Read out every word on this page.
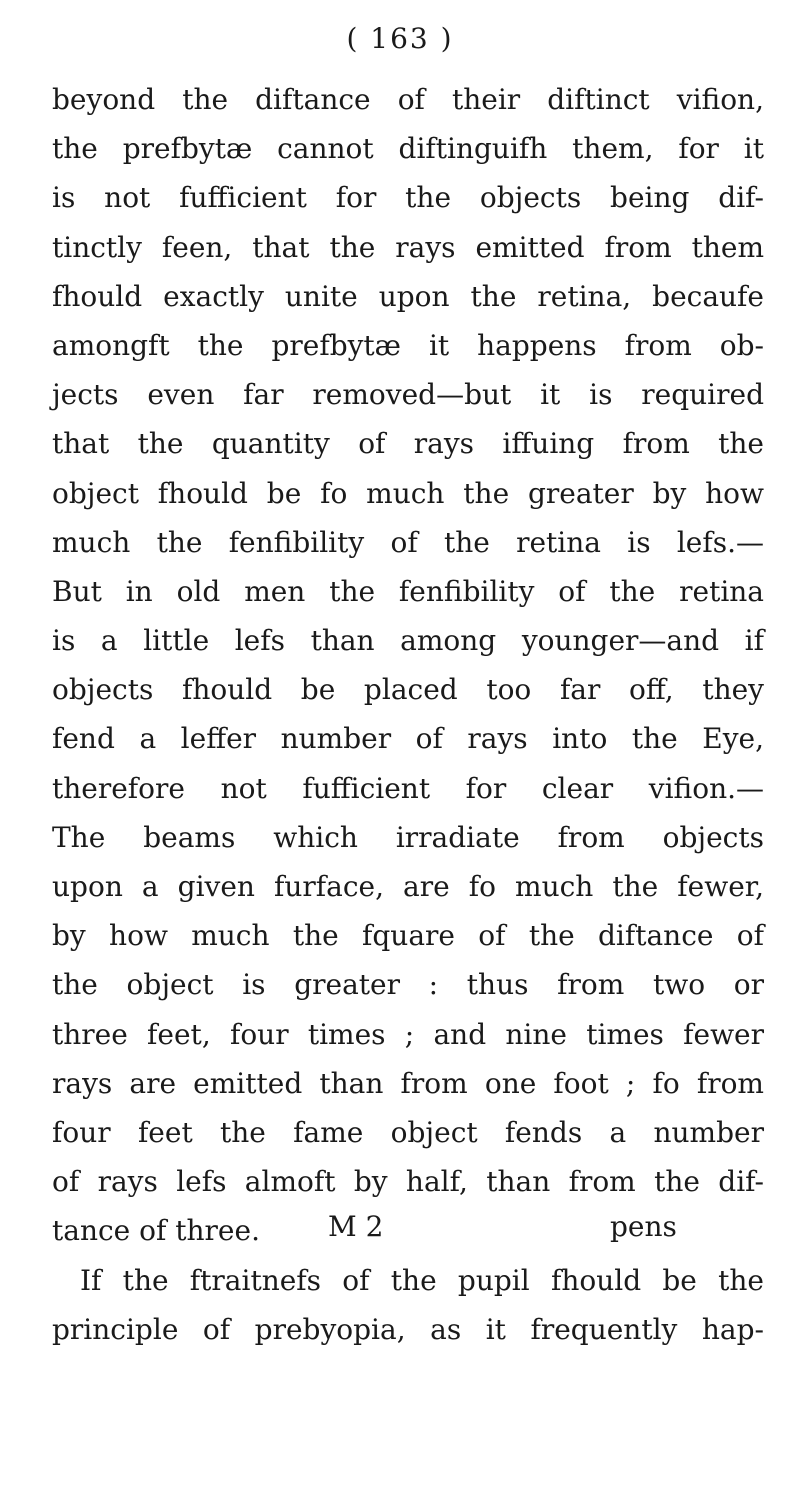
( 163 )
beyond the diftance of their diftinct vifion,
the prefbytæ cannot diftinguifh them, for it
is not fufficient for the objects being dif-
tinctly feen, that the rays emitted from them
fhould exactly unite upon the retina, becaufe
amongft the prefbytæ it happens from ob-
jects even far removed—but it is required
that the quantity of rays iffuing from the
object fhould be fo much the greater by how
much the fenfibility of the retina is lefs.—
But in old men the fenfibility of the retina
is a little lefs than among younger—and if
objects fhould be placed too far off, they
fend a leffer number of rays into the Eye,
therefore not fufficient for clear vifion.—
The beams which irradiate from objects
upon a given furface, are fo much the fewer,
by how much the fquare of the diftance of
the object is greater : thus from two or
three feet, four times ; and nine times fewer
rays are emitted than from one foot ; fo from
four feet the fame object fends a number
of rays lefs almoft by half, than from the dif-
tance of three.
If the ftraitnefs of the pupil fhould be the
principle of prebyopia, as it frequently hap-
M 2	pens
